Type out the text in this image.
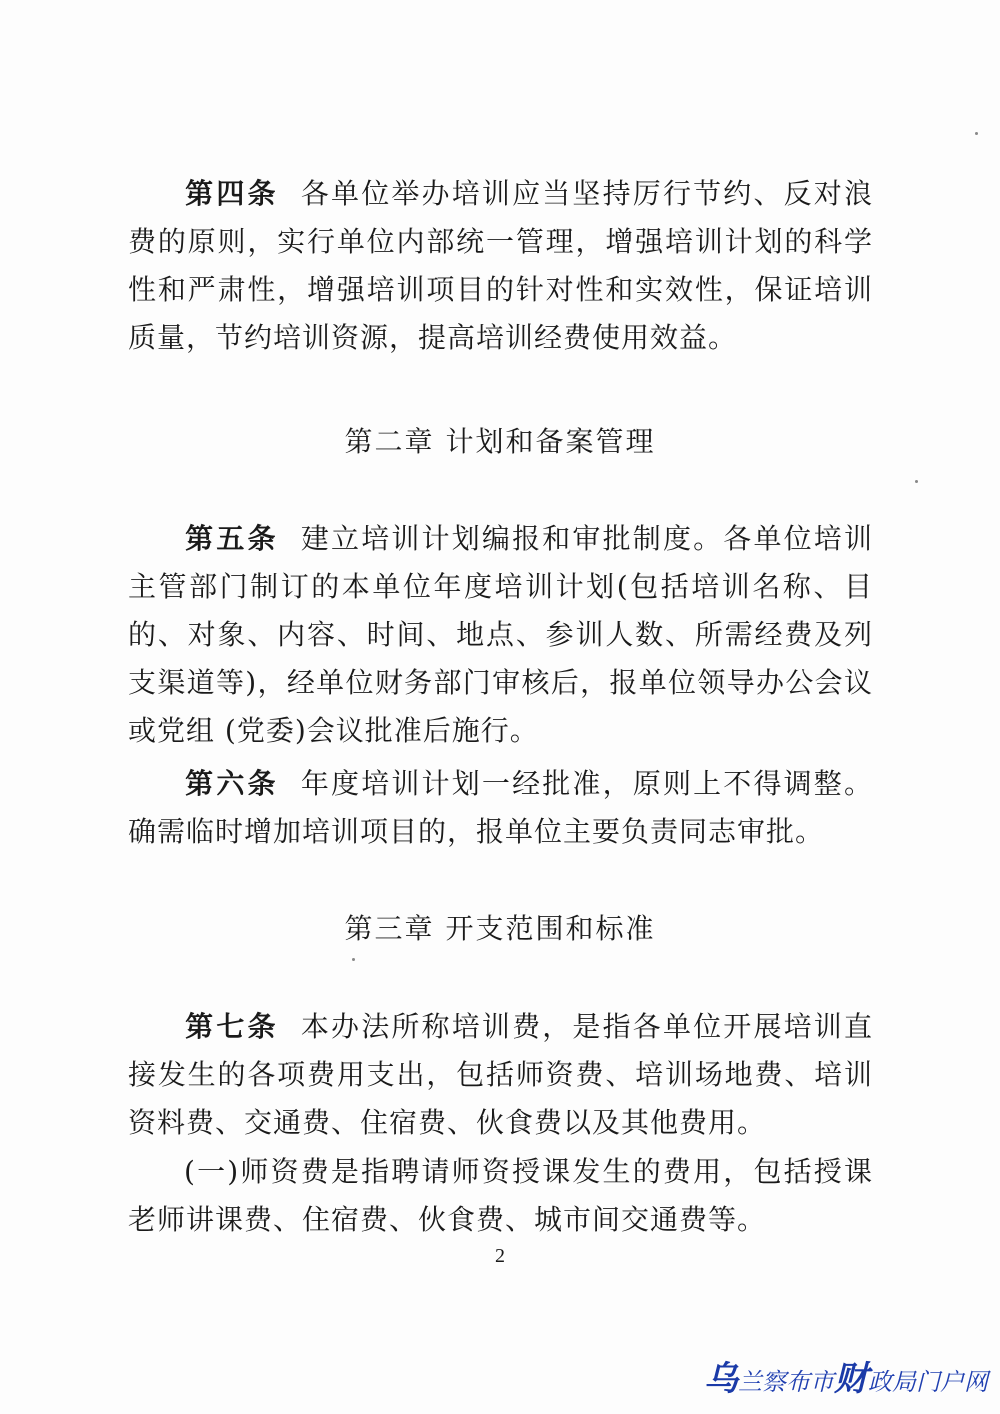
第四条 各单位举办培训应当坚持厉行节约、反对浪费的原则，实行单位内部统一管理，增强培训计划的科学性和严肃性，增强培训项目的针对性和实效性，保证培训质量，节约培训资源，提高培训经费使用效益。

第二章 计划和备案管理

第五条 建立培训计划编报和审批制度。各单位培训主管部门制订的本单位年度培训计划(包括培训名称、目的、对象、内容、时间、地点、参训人数、所需经费及列支渠道等)，经单位财务部门审核后，报单位领导办公会议或党组 (党委)会议批准后施行。

第六条 年度培训计划一经批准，原则上不得调整。确需临时增加培训项目的，报单位主要负责同志审批。

第三章 开支范围和标准

第七条 本办法所称培训费，是指各单位开展培训直接发生的各项费用支出，包括师资费、培训场地费、培训资料费、交通费、住宿费、伙食费以及其他费用。

(一)师资费是指聘请师资授课发生的费用，包括授课老师讲课费、住宿费、伙食费、城市间交通费等。

2
乌兰察布市财政局门户网
